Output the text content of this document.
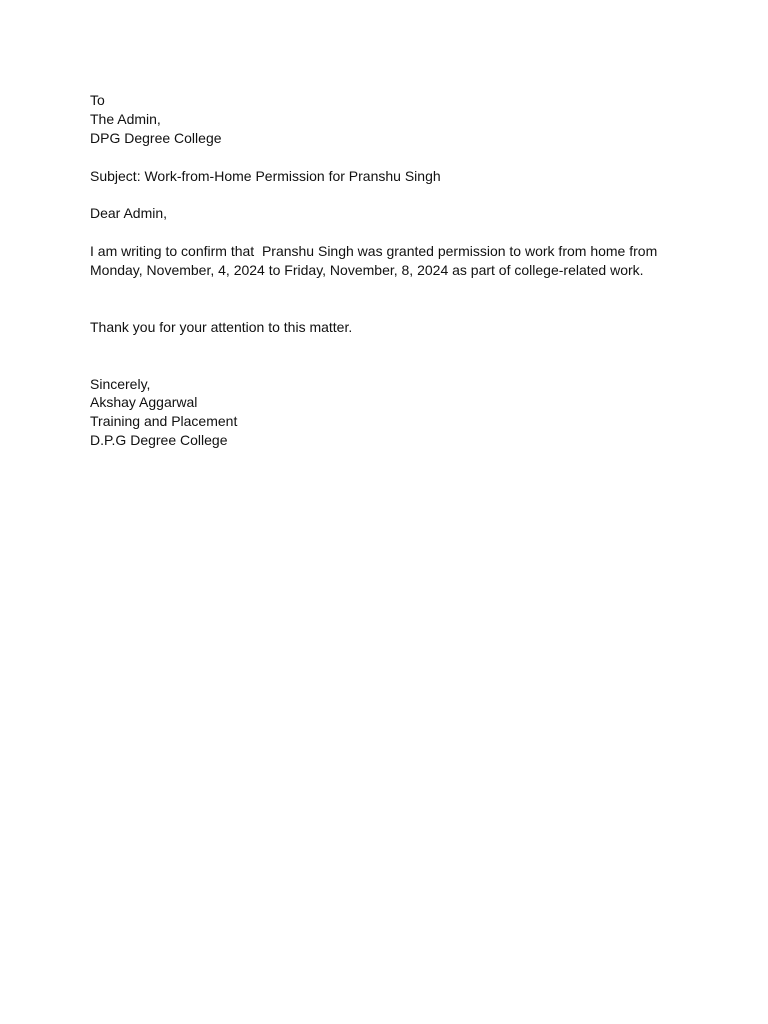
To
The Admin,
DPG Degree College
Subject: Work-from-Home Permission for Pranshu Singh
Dear Admin,
I am writing to confirm that  Pranshu Singh was granted permission to work from home from
Monday, November, 4, 2024 to Friday, November, 8, 2024 as part of college-related work.
Thank you for your attention to this matter.
Sincerely,
Akshay Aggarwal
Training and Placement
D.P.G Degree College
